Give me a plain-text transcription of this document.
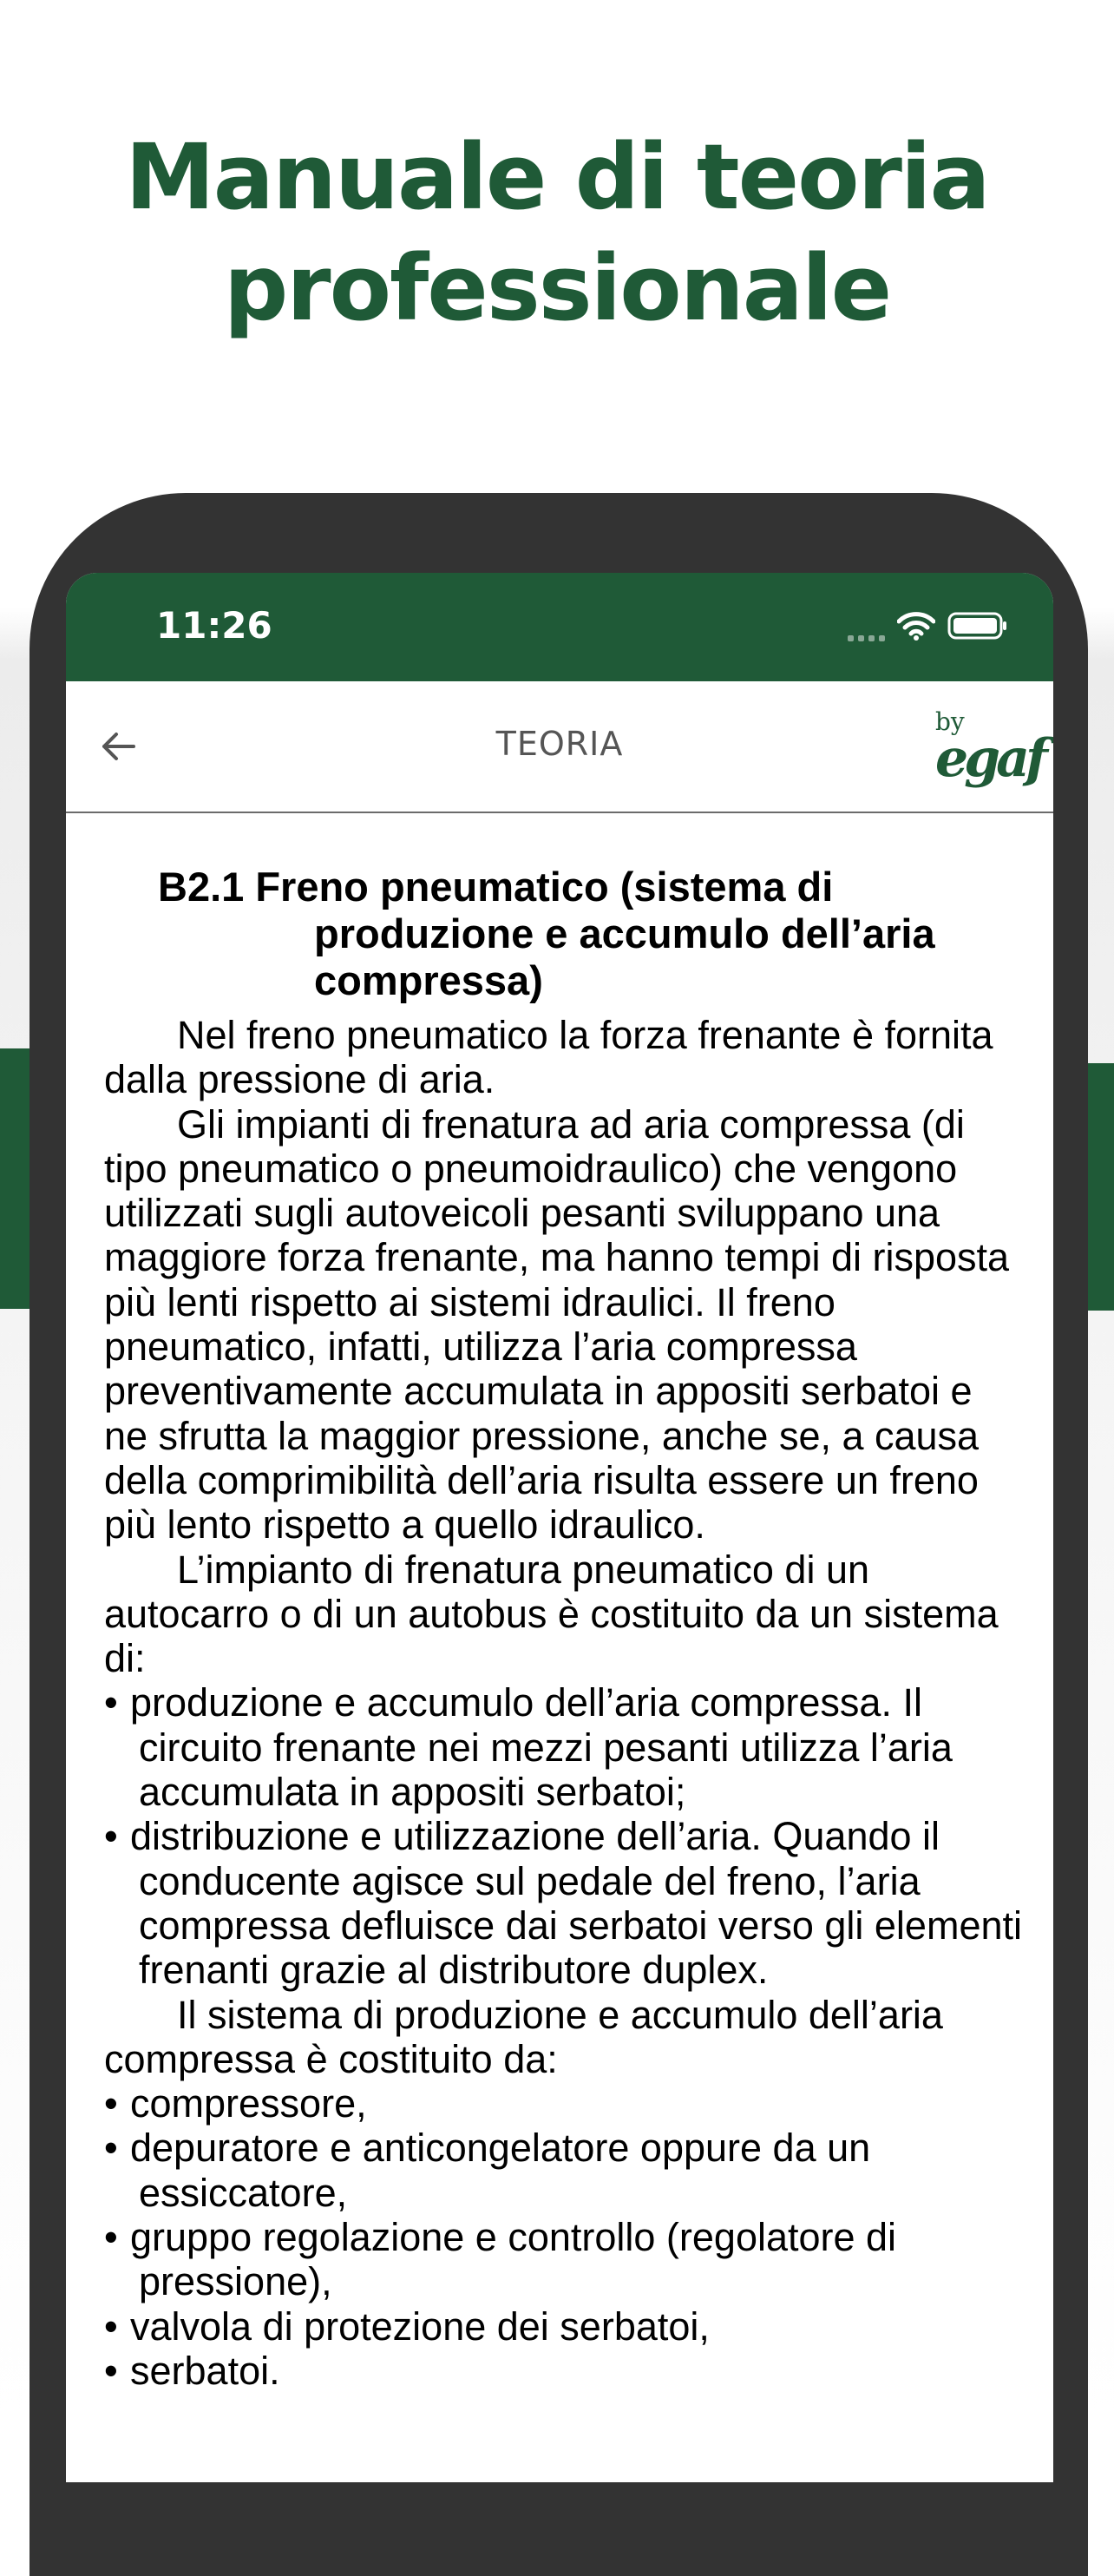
Manuale di teoria
professionale
11:26
TEORIA
by
egaf
B2.1 Freno pneumatico (sistema di produzione e accumulo dell’aria compressa)

Nel freno pneumatico la forza frenante è fornita dalla pressione di aria.

Gli impianti di frenatura ad aria compressa (di tipo pneumatico o pneumoidraulico) che vengono utilizzati sugli autoveicoli pesanti sviluppano una maggiore forza frenante, ma hanno tempi di risposta più lenti rispetto ai sistemi idraulici. Il freno pneumatico, infatti, utilizza l’aria compressa preventivamente accumulata in appositi serbatoi e ne sfrutta la maggior pressione, anche se, a causa della comprimibilità dell’aria risulta essere un freno più lento rispetto a quello idraulico.

L’impianto di frenatura pneumatico di un autocarro o di un autobus è costituito da un sistema di:

• produzione e accumulo dell’aria compressa. Il circuito frenante nei mezzi pesanti utilizza l’aria accumulata in appositi serbatoi;
• distribuzione e utilizzazione dell’aria. Quando il conducente agisce sul pedale del freno, l’aria compressa defluisce dai serbatoi verso gli elementi frenanti grazie al distributore duplex.

Il sistema di produzione e accumulo dell’aria compressa è costituito da:

• compressore,
• depuratore e anticongelatore oppure da un essiccatore,
• gruppo regolazione e controllo (regolatore di pressione),
• valvola di protezione dei serbatoi,
• serbatoi.
